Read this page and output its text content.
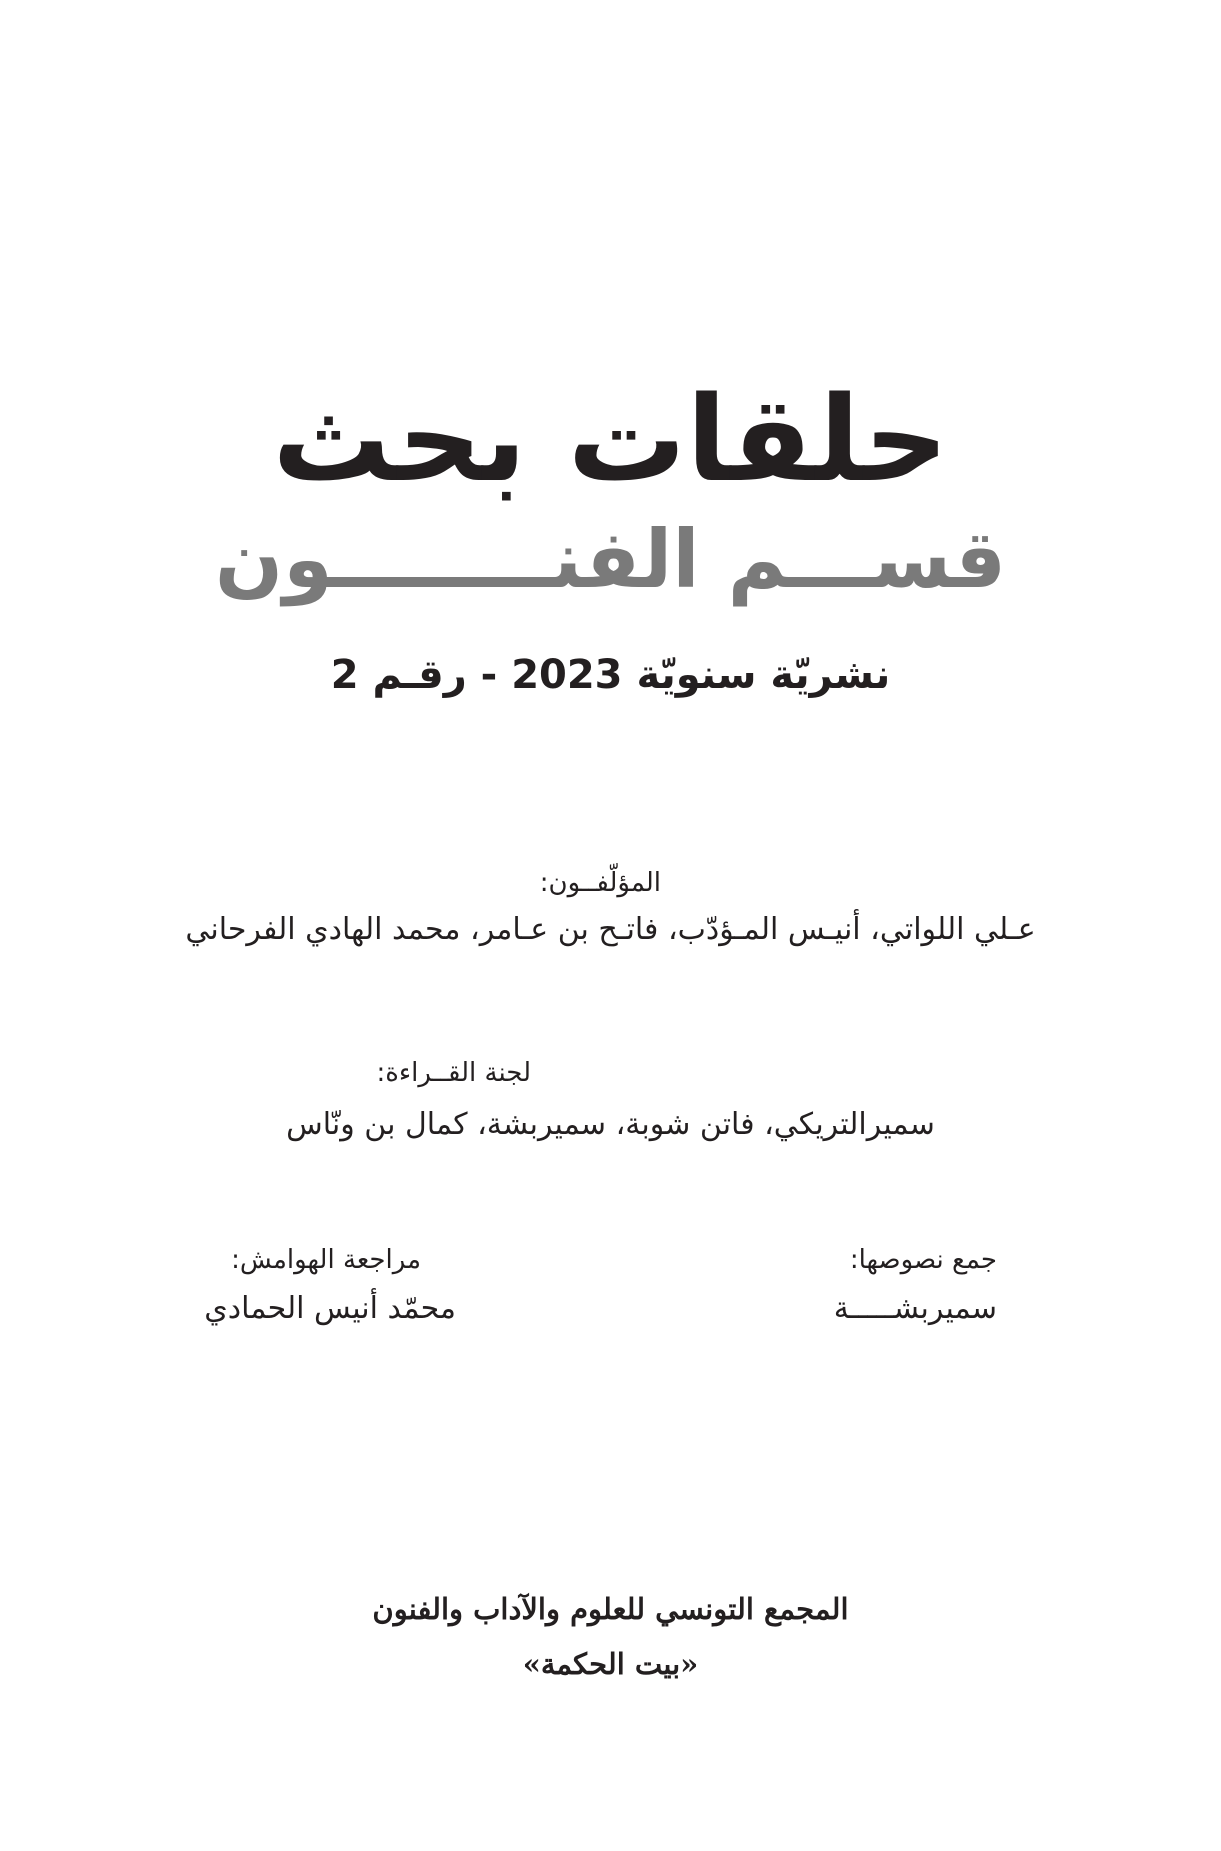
حلقات بحث
قســـم الفنــــــــون
نشريّة سنويّة 2023 - رقـم 2
المؤلّفــون:
عـلي اللواتي، أنيـس المـؤدّب، فاتـح بن عـامر، محمد الهادي الفرحاني
لجنة القــراءة:
سميرالتريكي، فاتن شوبة، سميربشة، كمال بن ونّاس
جمع نصوصها:
سميربشـــــة
مراجعة الهوامش:
محمّد أنيس الحمادي
المجمع التونسي للعلوم والآداب والفنون
«بيت الحكمة»
